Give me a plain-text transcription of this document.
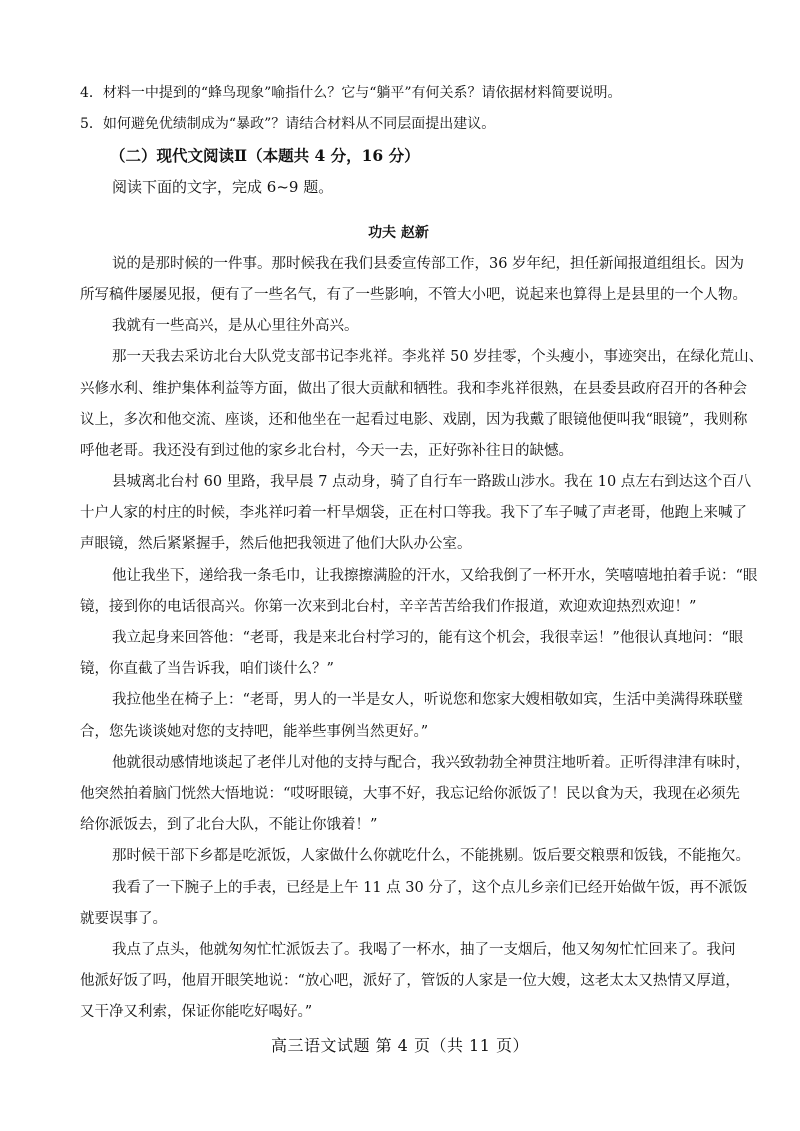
4．材料一中提到的“蜂鸟现象”喻指什么？它与“躺平”有何关系？请依据材料简要说明。
5．如何避免优绩制成为“暴政”？请结合材料从不同层面提出建议。
（二）现代文阅读Ⅱ（本题共 4 分，16 分）
阅读下面的文字，完成 6~9 题。
功夫 赵新
说的是那时候的一件事。那时候我在我们县委宣传部工作，36 岁年纪，担任新闻报道组组长。因为
所写稿件屡屡见报，便有了一些名气，有了一些影响，不管大小吧，说起来也算得上是县里的一个人物。
我就有一些高兴，是从心里往外高兴。
那一天我去采访北台大队党支部书记李兆祥。李兆祥 50 岁挂零，个头瘦小，事迹突出，在绿化荒山、
兴修水利、维护集体利益等方面，做出了很大贡献和牺牲。我和李兆祥很熟，在县委县政府召开的各种会
议上，多次和他交流、座谈，还和他坐在一起看过电影、戏剧，因为我戴了眼镜他便叫我“眼镜”，我则称
呼他老哥。我还没有到过他的家乡北台村，今天一去，正好弥补往日的缺憾。
县城离北台村 60 里路，我早晨 7 点动身，骑了自行车一路跋山涉水。我在 10 点左右到达这个百八
十户人家的村庄的时候，李兆祥叼着一杆旱烟袋，正在村口等我。我下了车子喊了声老哥，他跑上来喊了
声眼镜，然后紧紧握手，然后他把我领进了他们大队办公室。
他让我坐下，递给我一条毛巾，让我擦擦满脸的汗水，又给我倒了一杯开水，笑嘻嘻地拍着手说：“眼
镜，接到你的电话很高兴。你第一次来到北台村，辛辛苦苦给我们作报道，欢迎欢迎热烈欢迎！”
我立起身来回答他：“老哥，我是来北台村学习的，能有这个机会，我很幸运！”他很认真地问：“眼
镜，你直截了当告诉我，咱们谈什么？”
我拉他坐在椅子上：“老哥，男人的一半是女人，听说您和您家大嫂相敬如宾，生活中美满得珠联璧
合，您先谈谈她对您的支持吧，能举些事例当然更好。”
他就很动感情地谈起了老伴儿对他的支持与配合，我兴致勃勃全神贯注地听着。正听得津津有味时，
他突然拍着脑门恍然大悟地说：“哎呀眼镜，大事不好，我忘记给你派饭了！民以食为天，我现在必须先
给你派饭去，到了北台大队，不能让你饿着！”
那时候干部下乡都是吃派饭，人家做什么你就吃什么，不能挑剔。饭后要交粮票和饭钱，不能拖欠。
我看了一下腕子上的手表，已经是上午 11 点 30 分了，这个点儿乡亲们已经开始做午饭，再不派饭
就要误事了。
我点了点头，他就匆匆忙忙派饭去了。我喝了一杯水，抽了一支烟后，他又匆匆忙忙回来了。我问
他派好饭了吗，他眉开眼笑地说：“放心吧，派好了，管饭的人家是一位大嫂，这老太太又热情又厚道，
又干净又利索，保证你能吃好喝好。”
高三语文试题 第 4 页（共 11 页）
